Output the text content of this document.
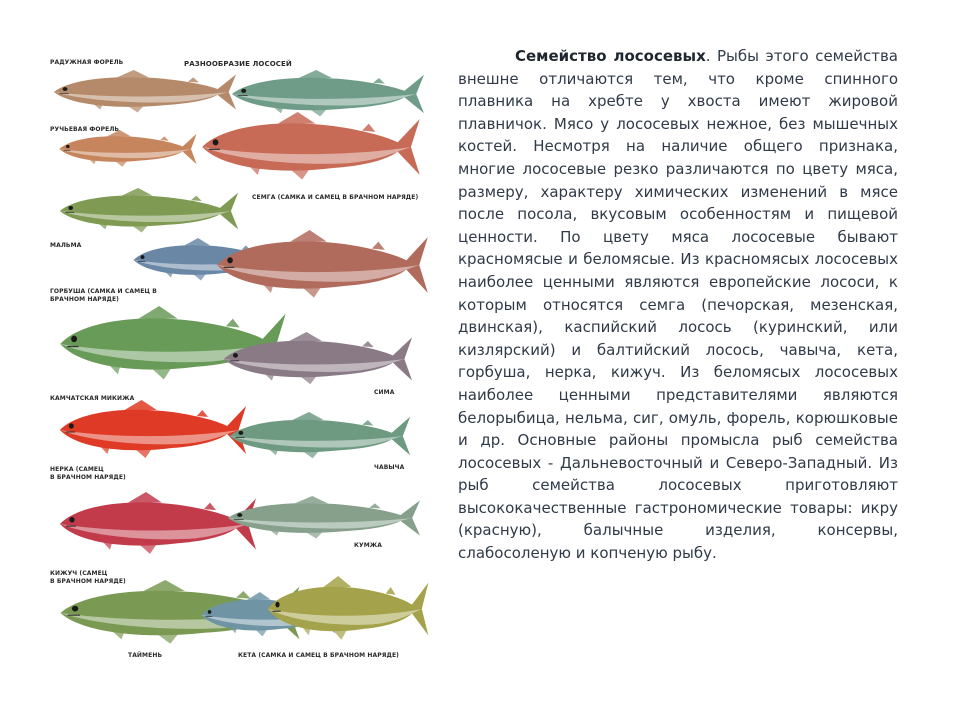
РАДУЖНАЯ ФОРЕЛЬ	РАЗНООБРАЗИЕ ЛОСОСЕЙ
РУЧЬЕВАЯ ФОРЕЛЬ
СЕМГА (САМКА И САМЕЦ В БРАЧНОМ НАРЯДЕ)
МАЛЬМА
ГОРБУША (САМКА И САМЕЦ В
БРАЧНОМ НАРЯДЕ)
КАМЧАТСКАЯ МИКИЖА
СИМА
НЕРКА (САМЕЦ
В БРАЧНОМ НАРЯДЕ)
ЧАВЫЧА
КИЖУЧ (САМЕЦ
В БРАЧНОМ НАРЯДЕ)
КУМЖА
ТАЙМЕНЬ	КЕТА (САМКА И САМЕЦ В БРАЧНОМ НАРЯДЕ)
Семейство лососевых. Рыбы этого семейства внешне отличаются тем, что кроме спинного плавника на хребте у хвоста имеют жировой плавничок. Мясо у лососевых нежное, без мышечных костей. Несмотря на наличие общего признака, многие лососевые резко различаются по цвету мяса, размеру, характеру химических изменений в мясе после посола, вкусовым особенностям и пищевой ценности. По цвету мяса лососевые бывают красномясые и беломясые. Из красномясых лососевых наиболее ценными являются европейские лососи, к которым относятся семга (печорская, мезенская, двинская), каспийский лосось (куринский, или кизлярский) и балтийский лосось, чавыча, кета, горбуша, нерка, кижуч. Из беломясых лососевых наиболее ценными представителями являются белорыбица, нельма, сиг, омуль, форель, корюшковые и др. Основные районы промысла рыб семейства лососевых - Дальневосточный и Северо-Западный. Из рыб семейства лососевых приготовляют высококачественные гастрономические товары: икру (красную), балычные изделия, консервы, слабосоленую и копченую рыбу.
